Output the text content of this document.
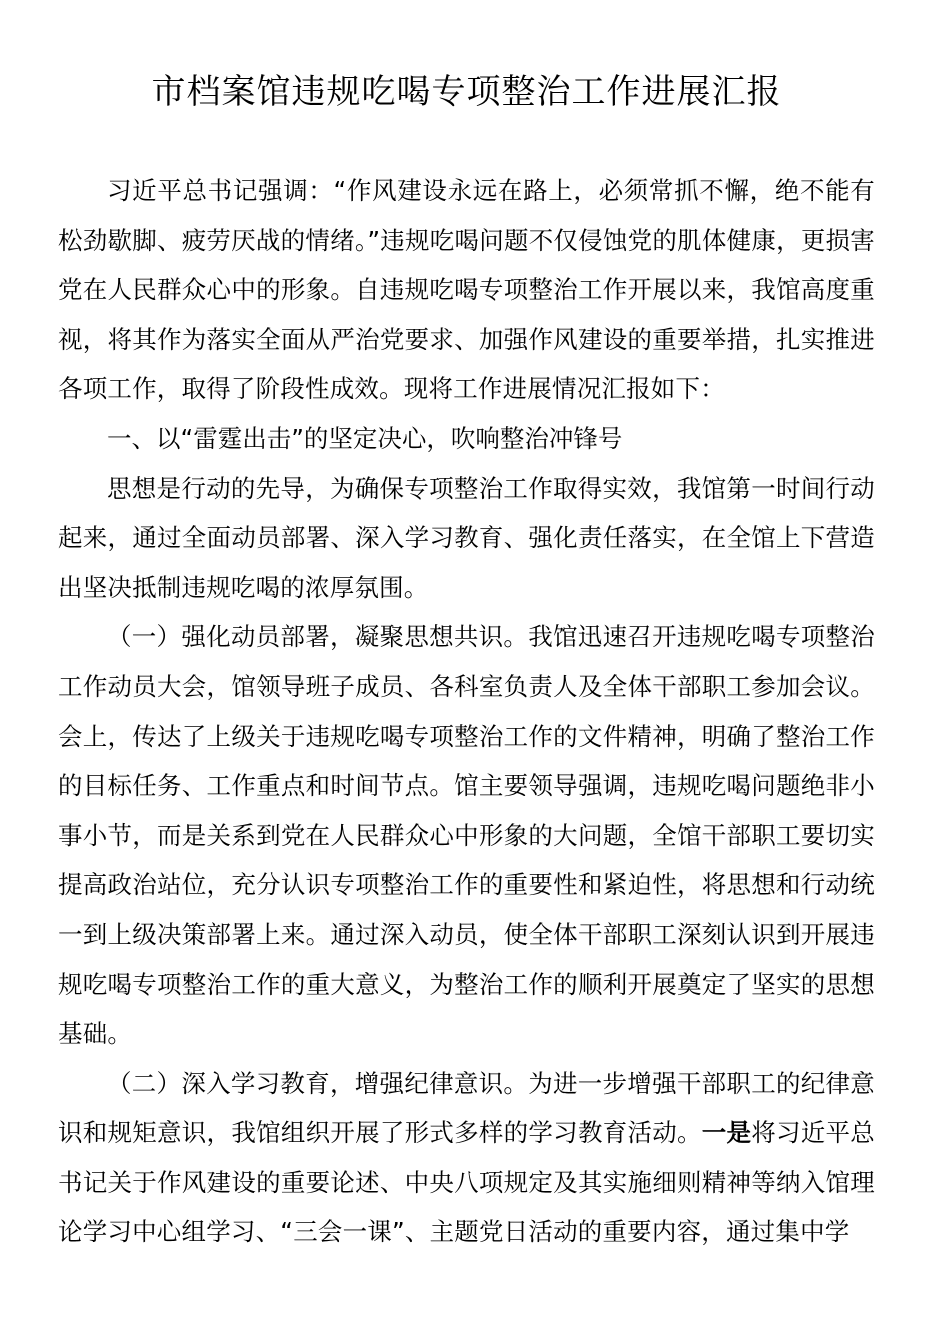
市档案馆违规吃喝专项整治工作进展汇报

习近平总书记强调：“作风建设永远在路上，必须常抓不懈，绝不能有松劲歇脚、疲劳厌战的情绪。”违规吃喝问题不仅侵蚀党的肌体健康，更损害党在人民群众心中的形象。自违规吃喝专项整治工作开展以来，我馆高度重视，将其作为落实全面从严治党要求、加强作风建设的重要举措，扎实推进各项工作，取得了阶段性成效。现将工作进展情况汇报如下：

一、以“雷霆出击”的坚定决心，吹响整治冲锋号

思想是行动的先导，为确保专项整治工作取得实效，我馆第一时间行动起来，通过全面动员部署、深入学习教育、强化责任落实，在全馆上下营造出坚决抵制违规吃喝的浓厚氛围。

（一）强化动员部署，凝聚思想共识。我馆迅速召开违规吃喝专项整治工作动员大会，馆领导班子成员、各科室负责人及全体干部职工参加会议。会上，传达了上级关于违规吃喝专项整治工作的文件精神，明确了整治工作的目标任务、工作重点和时间节点。馆主要领导强调，违规吃喝问题绝非小事小节，而是关系到党在人民群众心中形象的大问题，全馆干部职工要切实提高政治站位，充分认识专项整治工作的重要性和紧迫性，将思想和行动统一到上级决策部署上来。通过深入动员，使全体干部职工深刻认识到开展违规吃喝专项整治工作的重大意义，为整治工作的顺利开展奠定了坚实的思想基础。

（二）深入学习教育，增强纪律意识。为进一步增强干部职工的纪律意识和规矩意识，我馆组织开展了形式多样的学习教育活动。一是将习近平总书记关于作风建设的重要论述、中央八项规定及其实施细则精神等纳入馆理论学习中心组学习、“三会一课”、主题党日活动的重要内容，通过集中学
